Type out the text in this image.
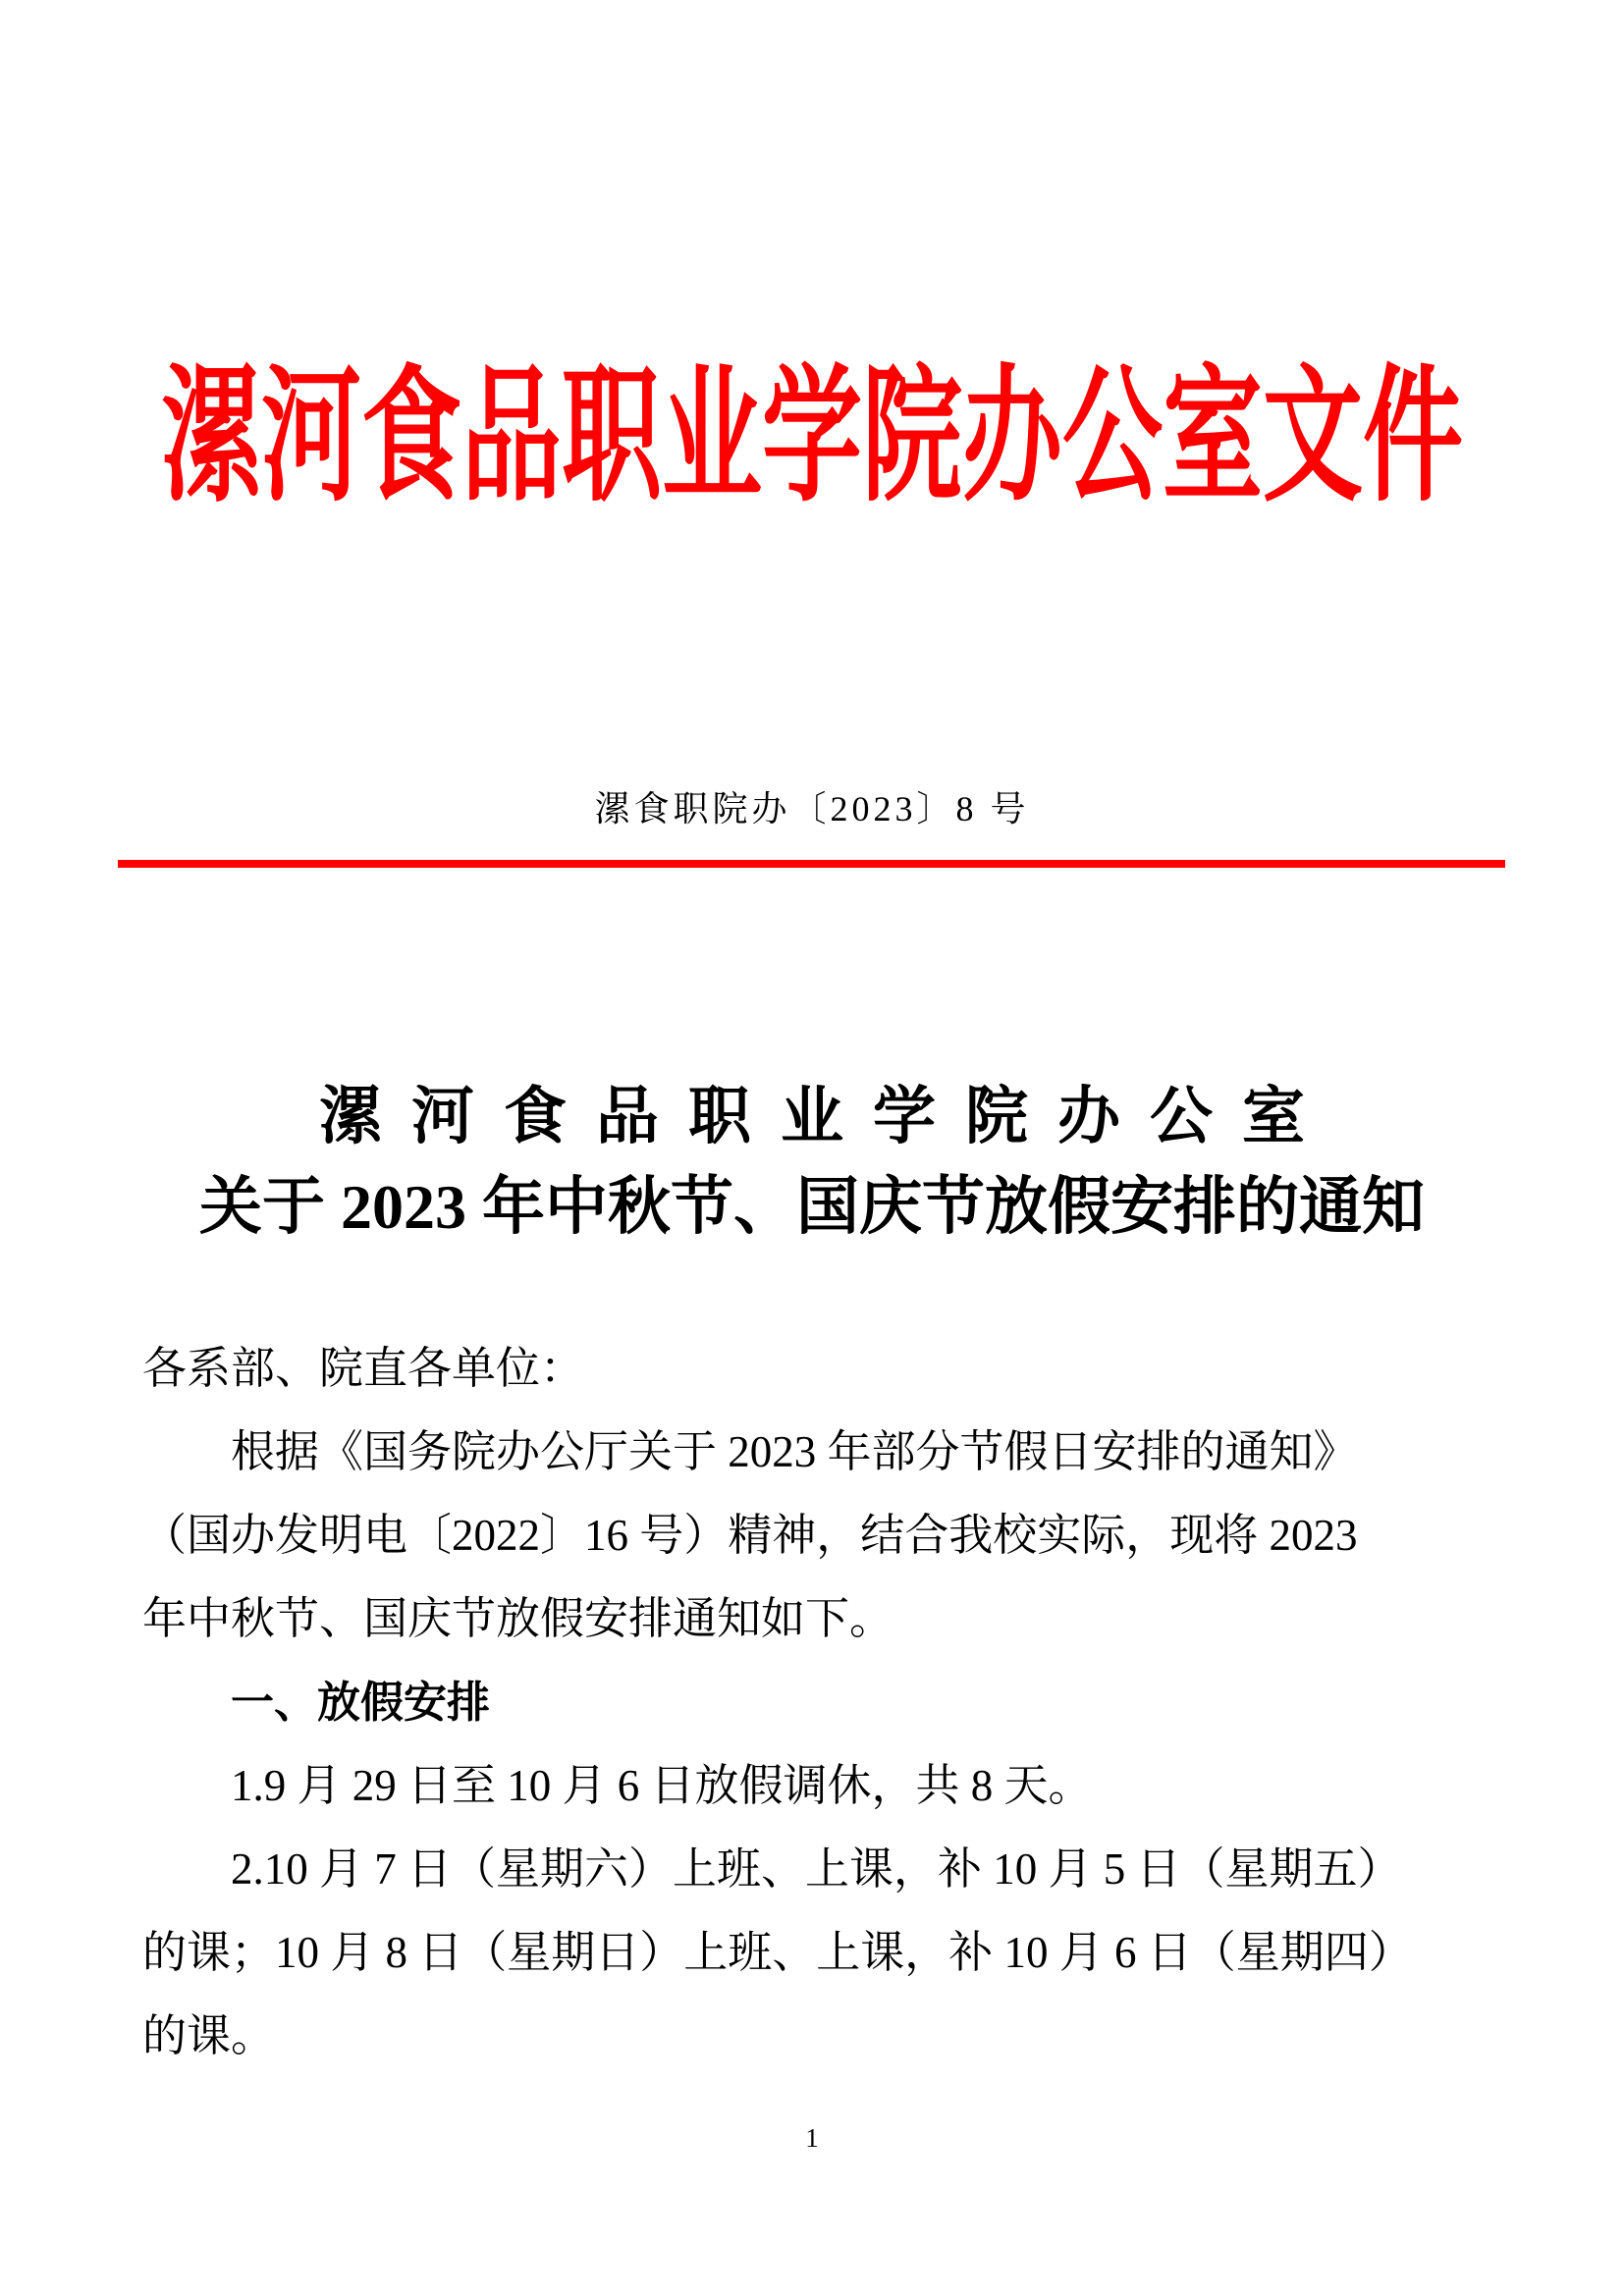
漯河食品职业学院办公室文件
漯食职院办〔2023〕8 号
漯河食品职业学院办公室
关于 2023 年中秋节、国庆节放假安排的通知
各系部、院直各单位：
根据《国务院办公厅关于 2023 年部分节假日安排的通知》
（国办发明电〔2022〕16 号）精神，结合我校实际，现将 2023
年中秋节、国庆节放假安排通知如下。
一、放假安排
1.9 月 29 日至 10 月 6 日放假调休，共 8 天。
2.10 月 7 日（星期六）上班、上课，补 10 月 5 日（星期五）
的课；10 月 8 日（星期日）上班、上课，补 10 月 6 日（星期四）
的课。
1
